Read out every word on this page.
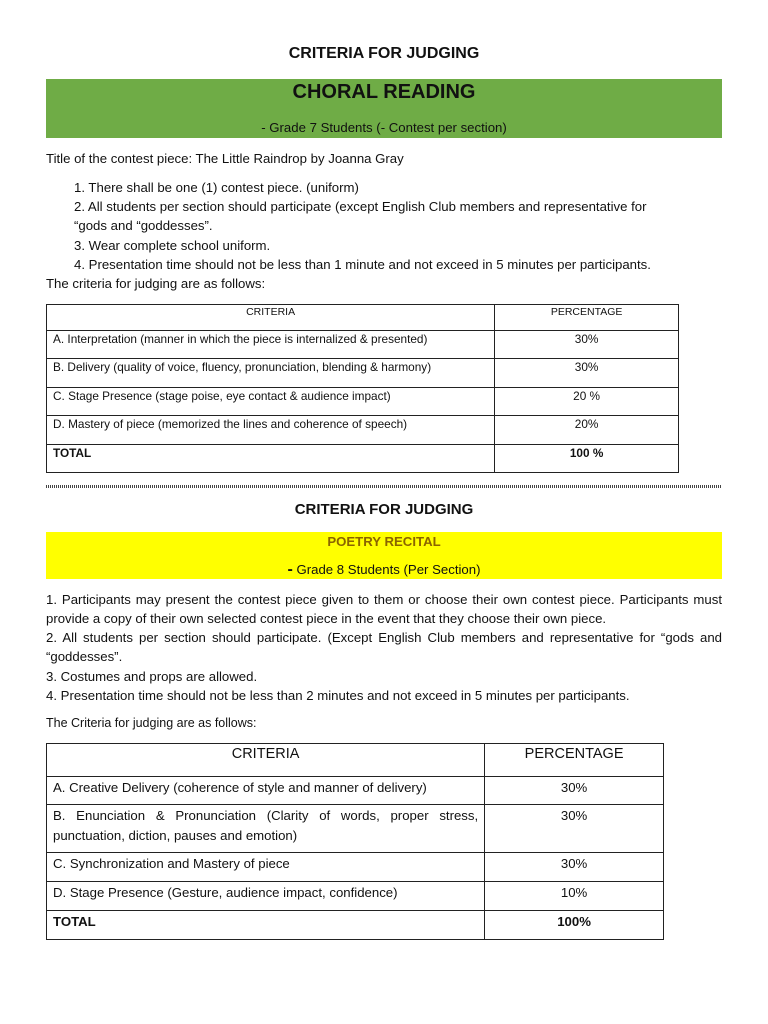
CRITERIA FOR JUDGING
CHORAL READING
- Grade 7 Students (- Contest per section)
Title of the contest piece: The Little Raindrop by Joanna Gray
1. There shall be one (1) contest piece. (uniform)
2. All students per section should participate (except English Club members and representative for
“gods and “goddesses”.
3. Wear complete school uniform.
4. Presentation time should not be less than 1 minute and not exceed in 5 minutes per participants.
The criteria for judging are as follows:
CRITERIA	PERCENTAGE
A. Interpretation (manner in which the piece is internalized & presented)	30%
B. Delivery (quality of voice, fluency, pronunciation, blending & harmony)	30%
C. Stage Presence (stage poise, eye contact & audience impact)	20 %
D. Mastery of piece (memorized the lines and coherence of speech)	20%
TOTAL	100 %
CRITERIA FOR JUDGING
POETRY RECITAL
- Grade 8 Students (Per Section)
1. Participants may present the contest piece given to them or choose their own contest piece. Participants must provide a copy of their own selected contest piece in the event that they choose their own piece.
2. All students per section should participate. (Except English Club members and representative for “gods and “goddesses”.
3. Costumes and props are allowed.
4. Presentation time should not be less than 2 minutes and not exceed in 5 minutes per participants.
The Criteria for judging are as follows:
CRITERIA	PERCENTAGE
A. Creative Delivery (coherence of style and manner of delivery)	30%
B. Enunciation & Pronunciation (Clarity of words, proper stress, punctuation, diction, pauses and emotion)	30%
C. Synchronization and Mastery of piece	30%
D. Stage Presence (Gesture, audience impact, confidence)	10%
TOTAL	100%
